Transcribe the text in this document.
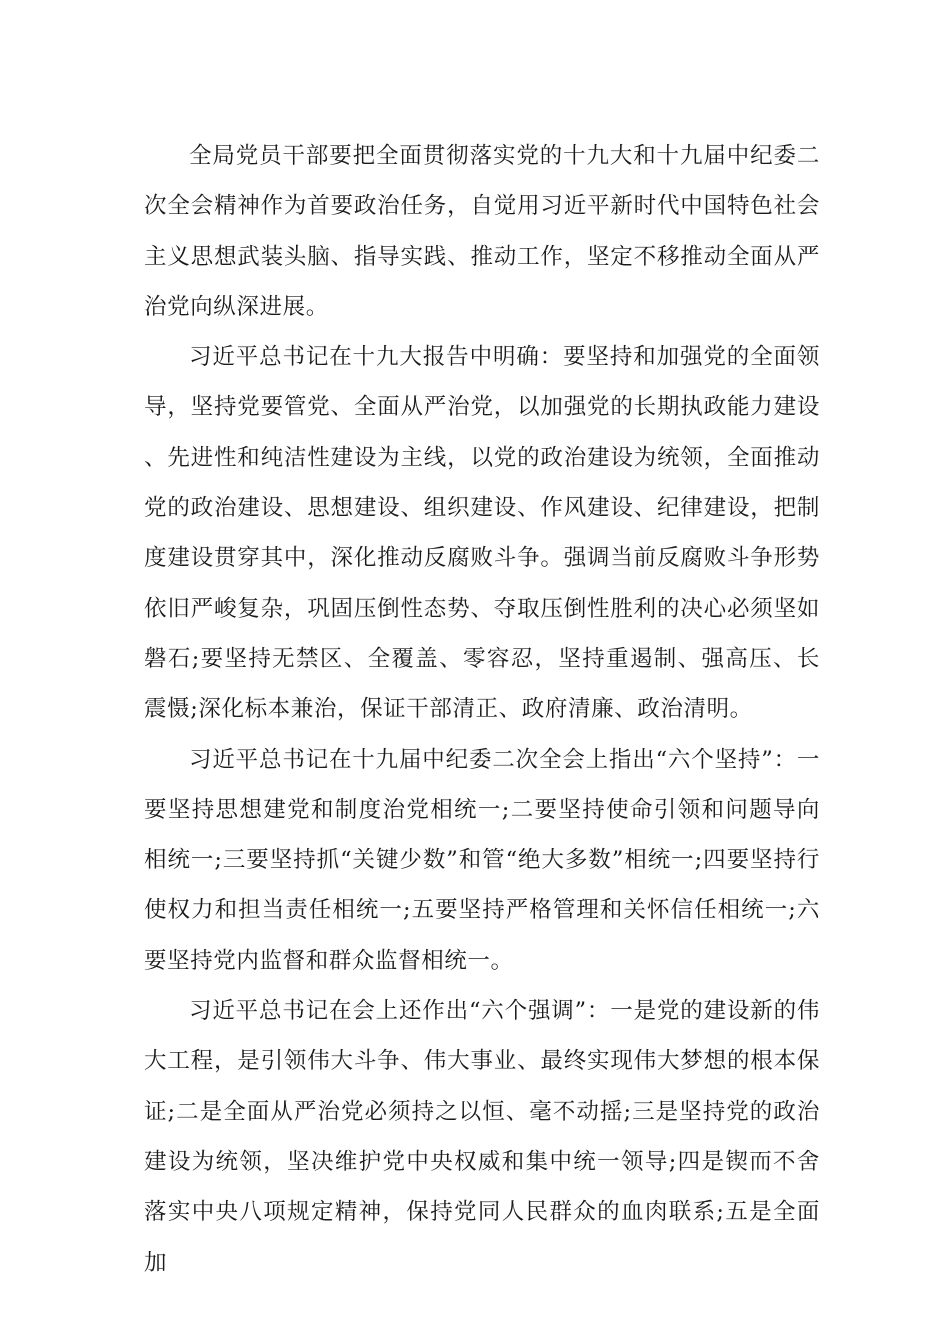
全局党员干部要把全面贯彻落实党的十九大和十九届中纪委二次全会精神作为首要政治任务，自觉用习近平新时代中国特色社会主义思想武装头脑、指导实践、推动工作，坚定不移推动全面从严治党向纵深进展。

习近平总书记在十九大报告中明确：要坚持和加强党的全面领导，坚持党要管党、全面从严治党，以加强党的长期执政能力建设、先进性和纯洁性建设为主线，以党的政治建设为统领，全面推动党的政治建设、思想建设、组织建设、作风建设、纪律建设，把制度建设贯穿其中，深化推动反腐败斗争。强调当前反腐败斗争形势依旧严峻复杂，巩固压倒性态势、夺取压倒性胜利的决心必须坚如磐石;要坚持无禁区、全覆盖、零容忍，坚持重遏制、强高压、长震慑;深化标本兼治，保证干部清正、政府清廉、政治清明。

习近平总书记在十九届中纪委二次全会上指出“六个坚持”：一要坚持思想建党和制度治党相统一;二要坚持使命引领和问题导向相统一;三要坚持抓“关键少数”和管“绝大多数”相统一;四要坚持行使权力和担当责任相统一;五要坚持严格管理和关怀信任相统一;六要坚持党内监督和群众监督相统一。

习近平总书记在会上还作出“六个强调”：一是党的建设新的伟大工程，是引领伟大斗争、伟大事业、最终实现伟大梦想的根本保证;二是全面从严治党必须持之以恒、毫不动摇;三是坚持党的政治建设为统领，坚决维护党中央权威和集中统一领导;四是锲而不舍落实中央八项规定精神，保持党同人民群众的血肉联系;五是全面加
